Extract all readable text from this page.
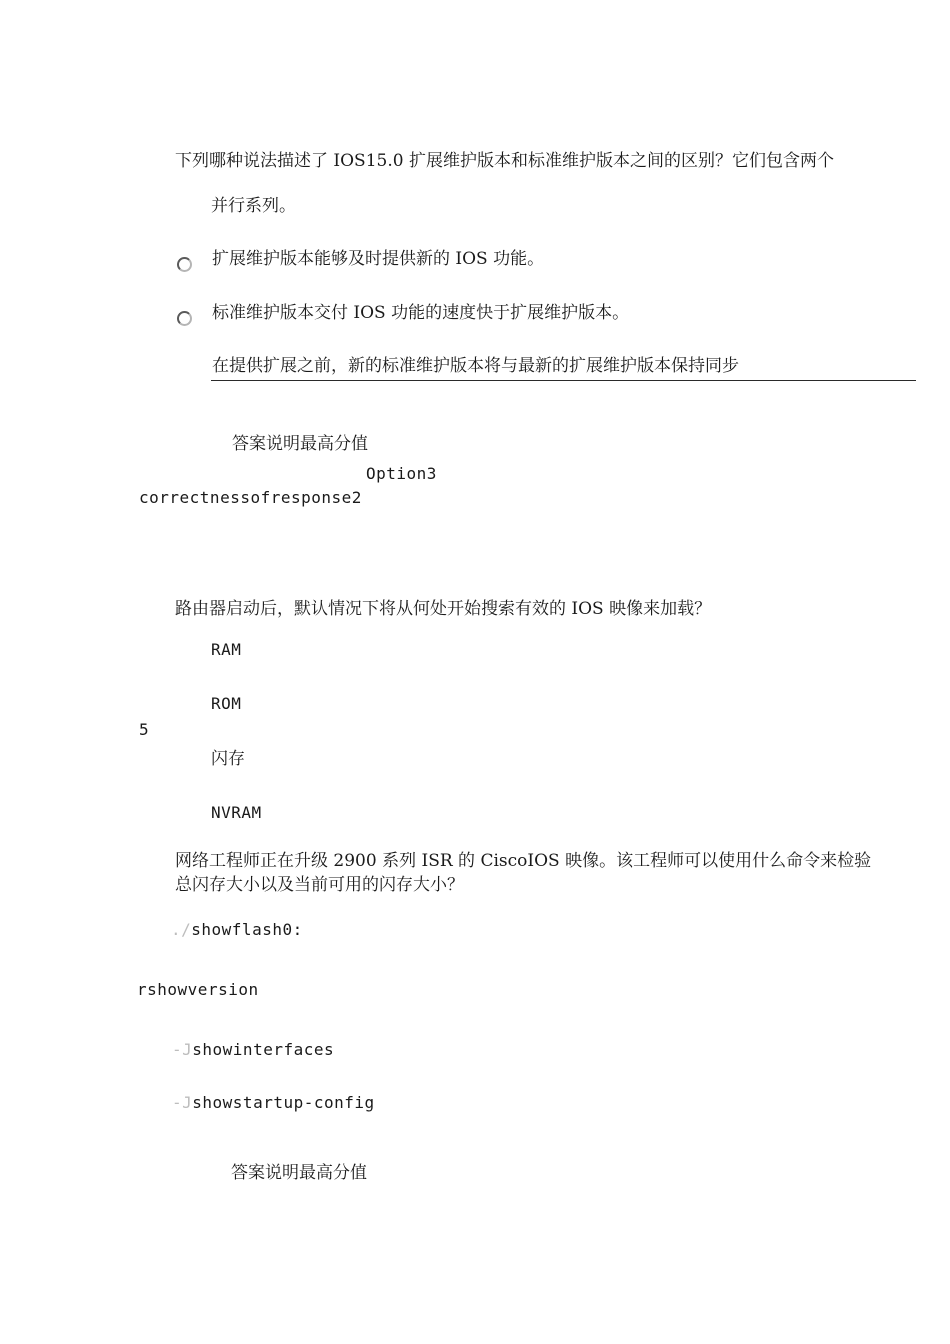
下列哪种说法描述了 IOS15.0 扩展维护版本和标准维护版本之间的区别？它们包含两个
并行系列。
扩展维护版本能够及时提供新的 IOS 功能。
标准维护版本交付 IOS 功能的速度快于扩展维护版本。
在提供扩展之前，新的标准维护版本将与最新的扩展维护版本保持同步
答案说明最高分值
Option3
correctnessofresponse2
路由器启动后，默认情况下将从何处开始搜索有效的 IOS 映像来加载？
RAM
ROM
5
闪存
NVRAM
网络工程师正在升级 2900 系列 ISR 的 CiscoIOS 映像。该工程师可以使用什么命令来检验
总闪存大小以及当前可用的闪存大小？
./showflash0:
rshowversion
-Jshowinterfaces
-Jshowstartup-config
答案说明最高分值
